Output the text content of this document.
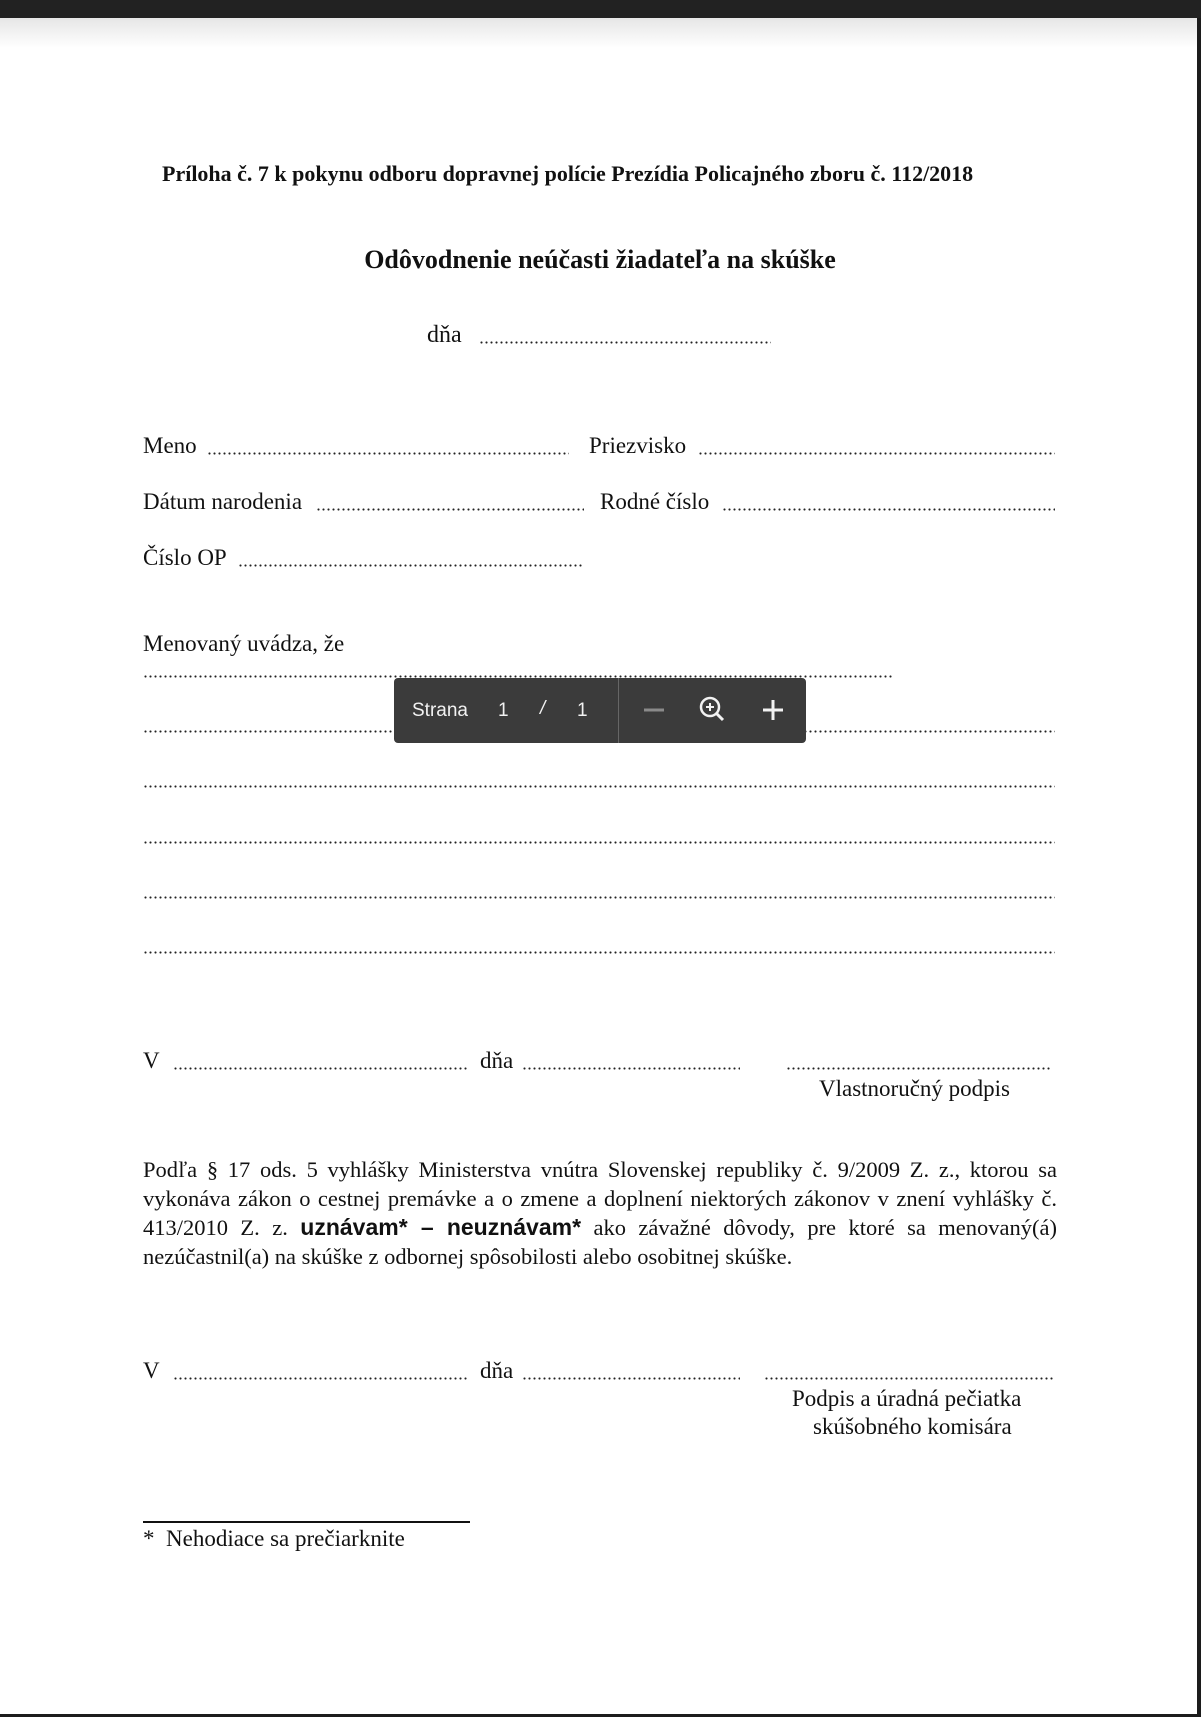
Príloha č. 7 k pokynu odboru dopravnej polície Prezídia Policajného zboru č. 112/2018
Odôvodnenie neúčasti žiadateľa na skúške
dňa
Meno	Priezvisko
Dátum narodenia	Rodné číslo
Číslo OP
Menovaný uvádza, že
V	dňa
Vlastnoručný podpis
Podľa § 17 ods. 5 vyhlášky Ministerstva vnútra Slovenskej republiky č. 9/2009 Z. z., ktorou sa vykonáva zákon o cestnej premávke a o zmene a doplnení niektorých zákonov v znení vyhlášky č. 413/2010 Z. z. uznávam* – neuznávam* ako závažné dôvody, pre ktoré sa menovaný(á) nezúčastnil(a) na skúške z odbornej spôsobilosti alebo osobitnej skúške.
V	dňa
Podpis a úradná pečiatka
skúšobného komisára
*  Nehodiace sa prečiarknite
Strana 1 / 1
